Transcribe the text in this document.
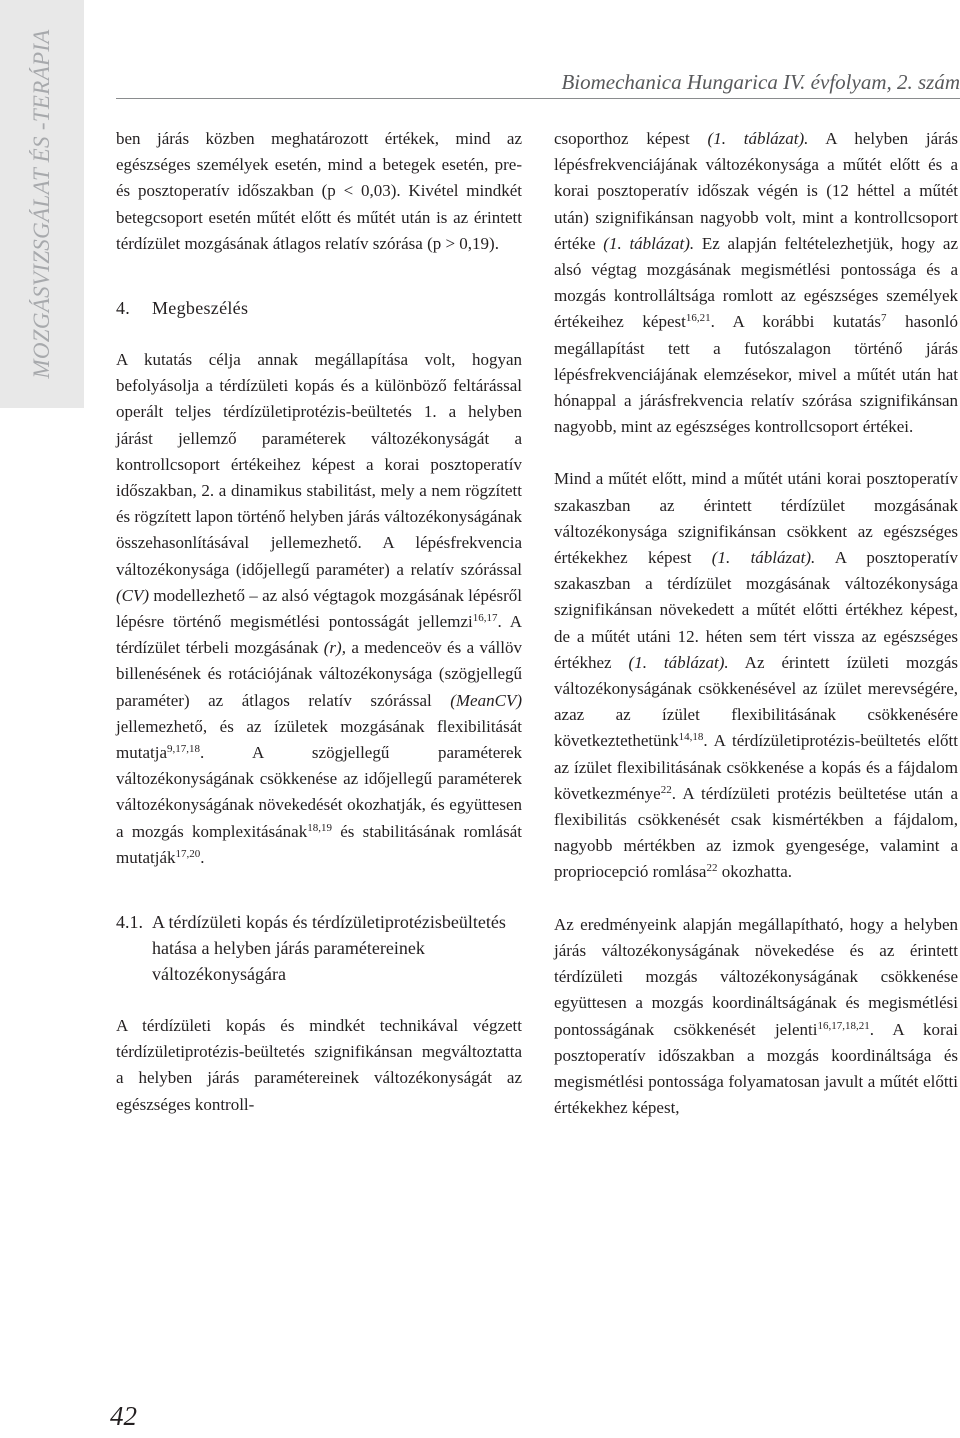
MOZGÁSVIZSGÁLAT ÉS -TERÁPIA	Biomechanica Hungarica IV. évfolyam, 2. szám

ben járás közben meghatározott értékek, mind az egészséges személyek esetén, mind a betegek esetén, pre- és posztoperatív időszakban (p < 0,03). Kivétel mindkét betegcsoport esetén műtét előtt és műtét után is az érintett térdízület mozgásának átlagos relatív szórása (p > 0,19).

4. Megbeszélés

A kutatás célja annak megállapítása volt, hogyan befolyásolja a térdízületi kopás és a különböző feltárással operált teljes térdízületiprotézis-beültetés 1. a helyben járást jellemző paraméterek változékonyságát a kontrollcsoport értékeihez képest a korai posztoperatív időszakban, 2. a dinamikus stabilitást, mely a nem rögzített és rögzített lapon történő helyben járás változékonyságának összehasonlításával jellemezhető. A lépésfrekvencia változékonysága (időjellegű paraméter) a relatív szórással (CV) modellezhető – az alsó végtagok mozgásának lépésről lépésre történő megismétlési pontosságát jellemzi$^{16,17}$. A térdízület térbeli mozgásának (r), a medenceöv és a vállöv billenésének és rotációjának változékonysága (szögjellegű paraméter) az átlagos relatív szórással (MeanCV) jellemezhető, és az ízületek mozgásának flexibilitását mutatja$^{9,17,18}$. A szögjellegű paraméterek változékonyságának csökkenése az időjellegű paraméterek változékonyságának növekedését okozhatják, és együttesen a mozgás komplexitásának$^{18,19}$ és stabilitásának romlását mutatják$^{17,20}$.

4.1. A térdízületi kopás és térdízületiprotézisbeültetés hatása a helyben járás paramétereinek változékonyságára

A térdízületi kopás és mindkét technikával végzett térdízületiprotézis-beültetés szignifikánsan megváltoztatta a helyben járás paramétereinek változékonyságát az egészséges kontroll-

csoporthoz képest (1. táblázat). A helyben járás lépésfrekvenciájának változékonysága a műtét előtt és a korai posztoperatív időszak végén is (12 héttel a műtét után) szignifikánsan nagyobb volt, mint a kontrollcsoport értéke (1. táblázat). Ez alapján feltételezhetjük, hogy az alsó végtag mozgásának megismétlési pontossága és a mozgás kontrolláltsága romlott az egészséges személyek értékeihez képest$^{16,21}$. A korábbi kutatás$^7$ hasonló megállapítást tett a futószalagon történő járás lépésfrekvenciájának elemzésekor, mivel a műtét után hat hónappal a járásfrekvencia relatív szórása szignifikánsan nagyobb, mint az egészséges kontrollcsoport értékei.

Mind a műtét előtt, mind a műtét utáni korai posztoperatív szakaszban az érintett térdízület mozgásának változékonysága szignifikánsan csökkent az egészséges értékekhez képest (1. táblázat). A posztoperatív szakaszban a térdízület mozgásának változékonysága szignifikánsan növekedett a műtét előtti értékhez képest, de a műtét utáni 12. héten sem tért vissza az egészséges értékhez (1. táblázat). Az érintett ízületi mozgás változékonyságának csökkenésével az ízület merevségére, azaz az ízület flexibilitásának csökkenésére következtethetünk$^{14,18}$. A térdízületiprotézis-beültetés előtt az ízület flexibilitásának csökkenése a kopás és a fájdalom következménye$^{22}$. A térdízületi protézis beültetése után a flexibilitás csökkenését csak kismértékben a fájdalom, nagyobb mértékben az izmok gyengesége, valamint a propriocepció romlása$^{22}$ okozhatta.

Az eredményeink alapján megállapítható, hogy a helyben járás változékonyságának növekedése és az érintett térdízületi mozgás változékonyságának csökkenése együttesen a mozgás koordináltságának és megismétlési pontosságának csökkenését jelenti$^{16,17,18,21}$. A korai posztoperatív időszakban a mozgás koordináltsága és megismétlési pontossága folyamatosan javult a műtét előtti értékekhez képest,

42
